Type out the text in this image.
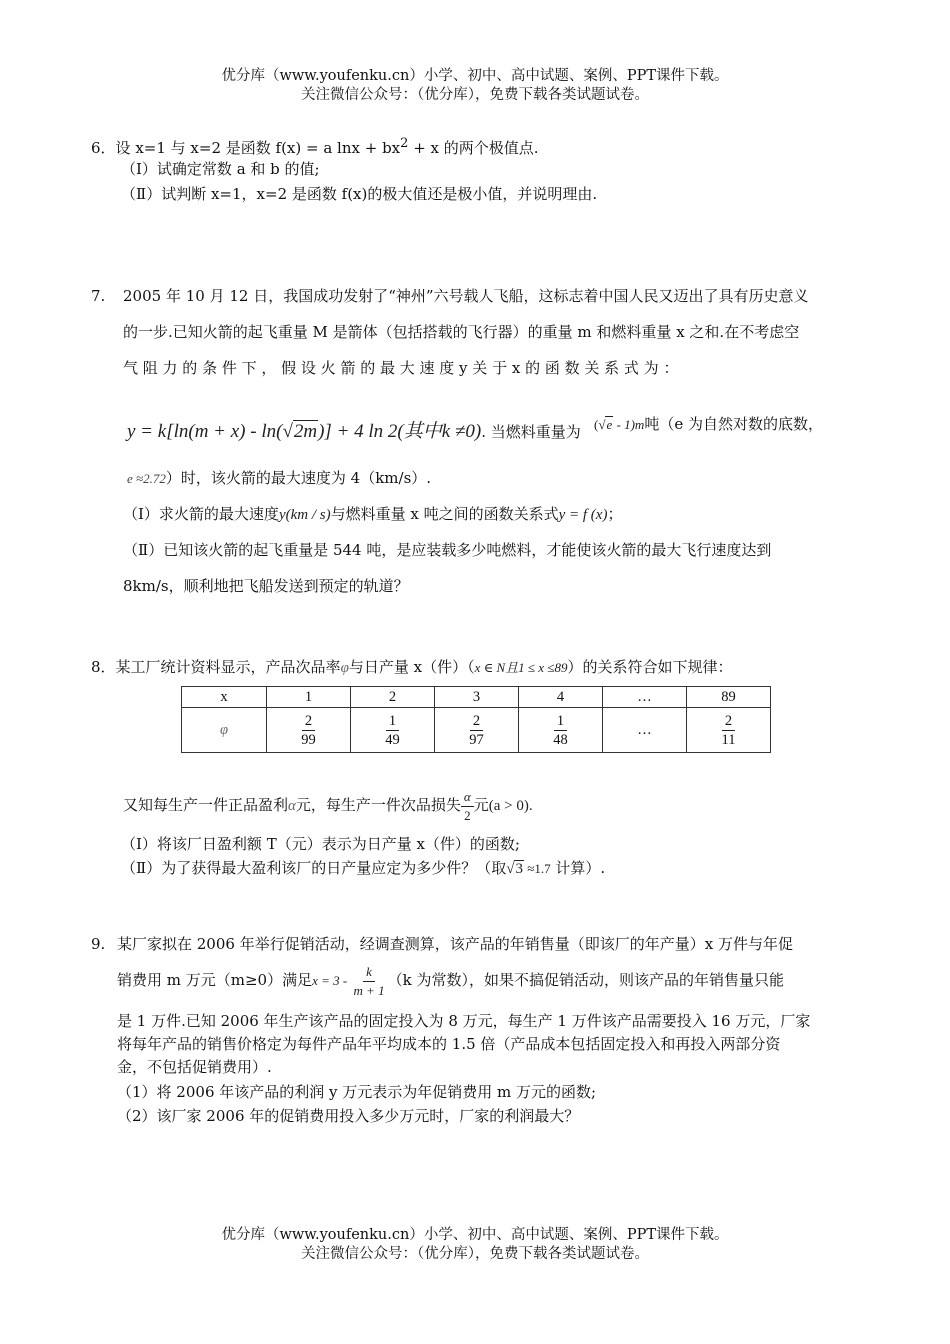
优分库（www.youfenku.cn）小学、初中、高中试题、案例、PPT课件下载。
关注微信公众号：（优分库），免费下载各类试题试卷。
6．设 x=1 与 x=2 是函数 f(x) = a $\ln x + bx^2 + x$ 的两个极值点.
（Ⅰ）试确定常数 a 和 b 的值;
（Ⅱ）试判断 x=1，x=2 是函数 f(x)的极大值还是极小值，并说明理由.
7. 2005 年 10 月 12 日，我国成功发射了“神州”六号载人飞船，这标志着中国人民又迈出了具有历史意义
的一步.已知火箭的起飞重量 M 是箭体（包括搭载的飞行器）的重量 m 和燃料重量 x 之和.在不考虑空
气 阻 力 的 条 件 下 ， 假 设 火 箭 的 最 大 速 度 y 关 于 x 的 函 数 关 系 式 为 ：
y = k[ln(m + x) - ln(√2m)] + 4 ln 2(其中k ≠0). 当燃料重量为 (√e - 1)m吨（e 为自然对数的底数，
e ≈2.72）时，该火箭的最大速度为 4（km/s）.
（Ⅰ）求火箭的最大速度y(km / s)与燃料重量 x 吨之间的函数关系式y = f (x)；
（Ⅱ）已知该火箭的起飞重量是 544 吨，是应装载多少吨燃料，才能使该火箭的最大飞行速度达到
8km/s，顺利地把飞船发送到预定的轨道？
8．某工厂统计资料显示，产品次品率φ与日产量 x（件）（x ∈ N且1 ≤ x ≤89）的关系符合如下规律：
x	1	2	3	4	…	89
φ	$\frac{2}{99}$	$\frac{1}{49}$	$\frac{2}{97}$	$\frac{1}{48}$	…	$\frac{2}{11}$
又知每生产一件正品盈利α元，每生产一件次品损失 $\frac{\alpha}{2}$ 元(a > 0).
（Ⅰ）将该厂日盈利额 T（元）表示为日产量 x（件）的函数;
（Ⅱ）为了获得最大盈利该厂的日产量应定为多少件？（取√3 ≈1.7 计算）.
9. 某厂家拟在 2006 年举行促销活动，经调查测算，该产品的年销售量（即该厂的年产量）x 万件与年促
销费用 m 万元（m≥0）满足$x = 3 - \frac{k}{m + 1} (k$ 为常数），如果不搞促销活动，则该产品的年销售量只能
是 1 万件.已知 2006 年生产该产品的固定投入为 8 万元，每生产 1 万件该产品需要投入 16 万元，厂家
将每年产品的销售价格定为每件产品年平均成本的 1.5 倍（产品成本包括固定投入和再投入两部分资
金，不包括促销费用）.
（1）将 2006 年该产品的利润 y 万元表示为年促销费用 m 万元的函数;
（2）该厂家 2006 年的促销费用投入多少万元时，厂家的利润最大？
优分库（www.youfenku.cn）小学、初中、高中试题、案例、PPT课件下载。
关注微信公众号：（优分库），免费下载各类试题试卷。
